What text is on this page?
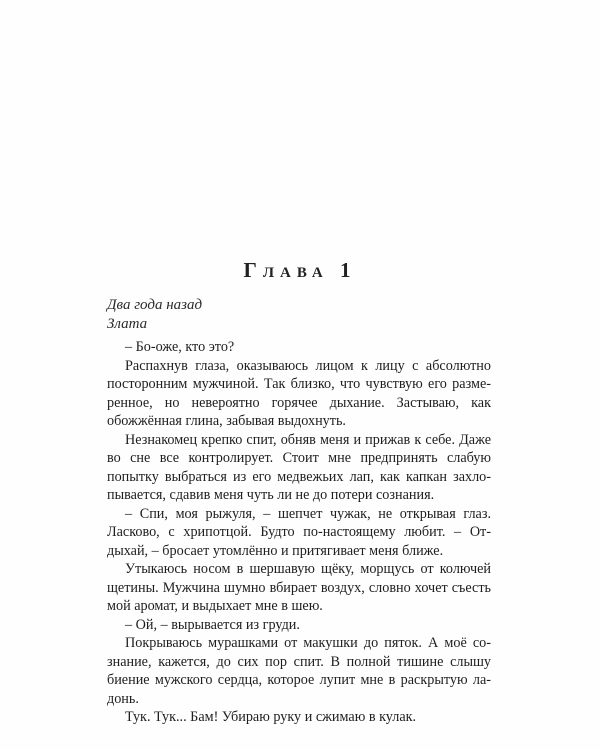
Глава 1
Два года назад
Злата

– Бо-оже, кто это?

Распахнув глаза, оказываюсь лицом к лицу с абсолютно посторонним мужчиной. Так близко, что чувствую его размеренное, но невероятно горячее дыхание. Застываю, как обожжённая глина, забывая выдохнуть.

Незнакомец крепко спит, обняв меня и прижав к себе. Даже во сне все контролирует. Стоит мне предпринять слабую попытку выбраться из его медвежьих лап, как капкан захлопывается, сдавив меня чуть ли не до потери сознания.

– Спи, моя рыжуля, – шепчет чужак, не открывая глаз. Ласково, с хрипотцой. Будто по-настоящему любит. – Отдыхай, – бросает утомлённо и притягивает меня ближе.

Утыкаюсь носом в шершавую щёку, морщусь от колючей щетины. Мужчина шумно вбирает воздух, словно хочет съесть мой аромат, и выдыхает мне в шею.

– Ой, – вырывается из груди.

Покрываюсь мурашками от макушки до пяток. А моё сознание, кажется, до сих пор спит. В полной тишине слышу биение мужского сердца, которое лупит мне в раскрытую ладонь.

Тук. Тук... Бам! Убираю руку и сжимаю в кулак.
